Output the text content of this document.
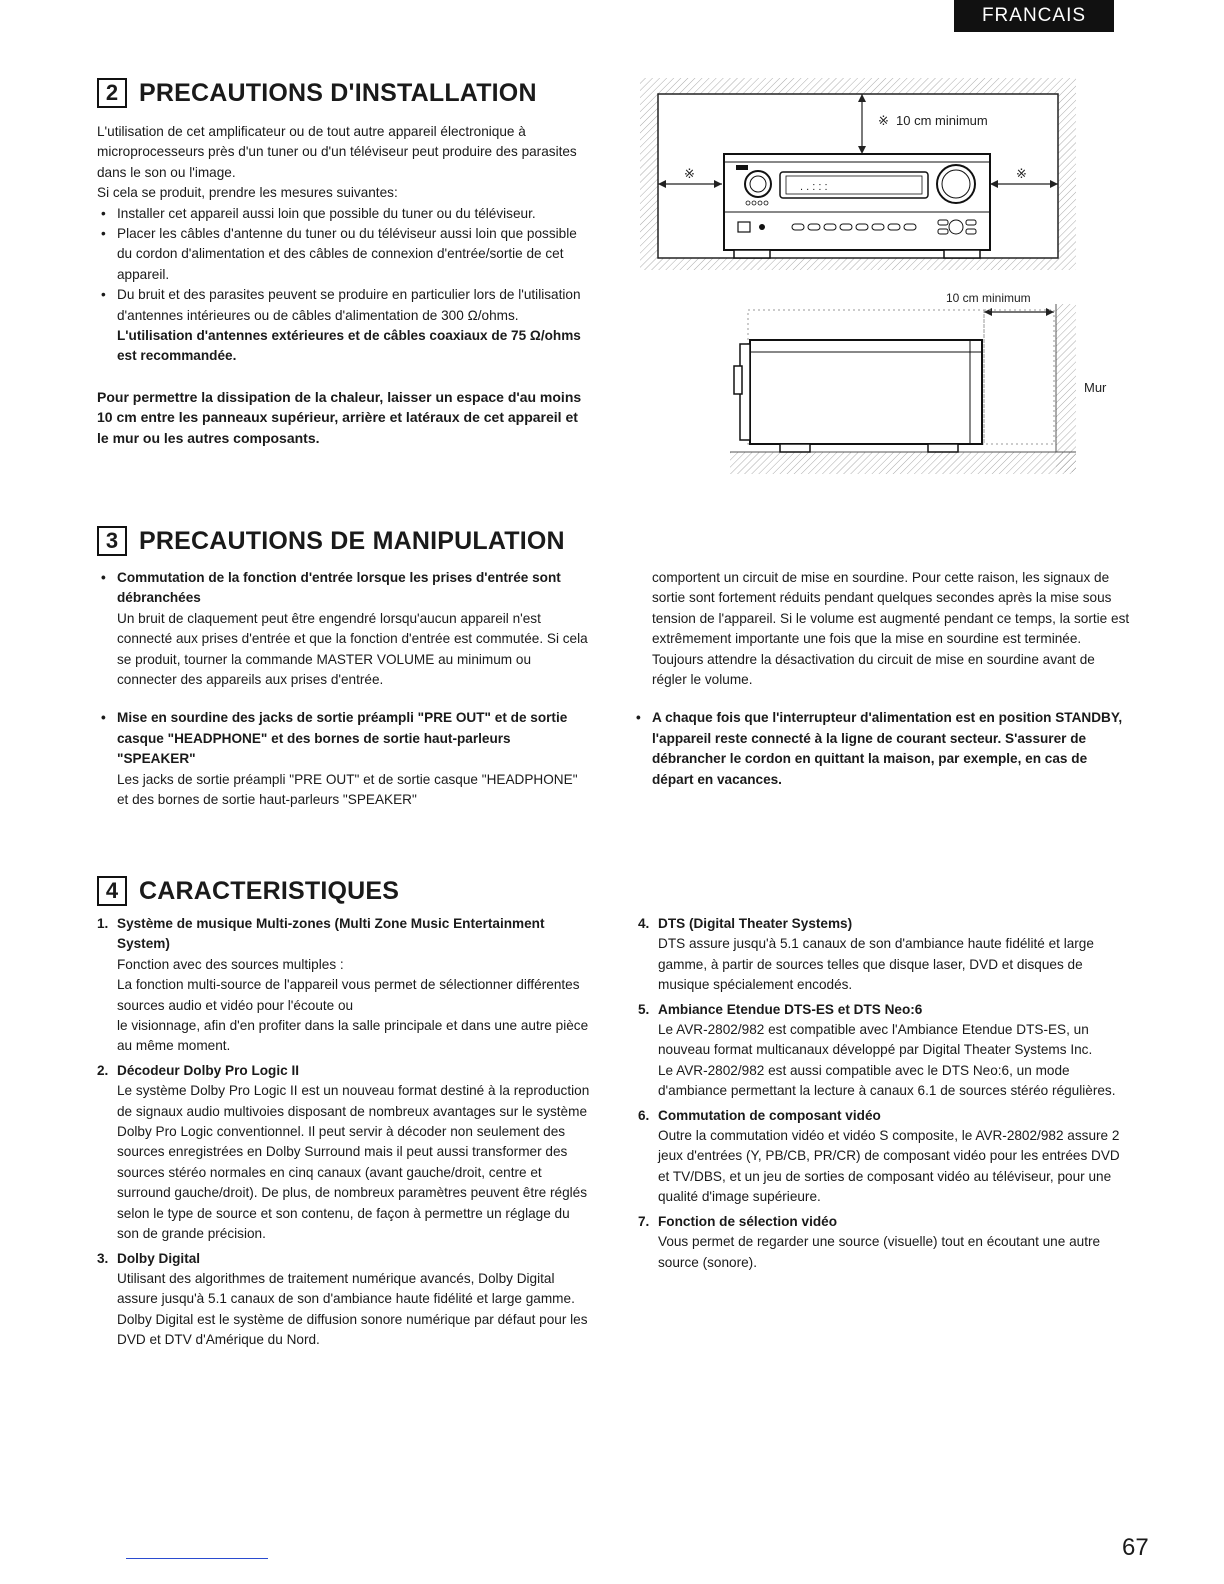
FRANCAIS
2 PRECAUTIONS D'INSTALLATION

L'utilisation de cet amplificateur ou de tout autre appareil électronique à microprocesseurs près d'un tuner ou d'un téléviseur peut produire des parasites dans le son ou l'image.

Si cela se produit, prendre les mesures suivantes:

• Installer cet appareil aussi loin que possible du tuner ou du téléviseur.

• Placer les câbles d'antenne du tuner ou du téléviseur aussi loin que possible du cordon d'alimentation et des câbles de connexion d'entrée/sortie de cet appareil.

• Du bruit et des parasites peuvent se produire en particulier lors de l'utilisation d'antennes intérieures ou de câbles d'alimentation de 300 Ω/ohms. L'utilisation d'antennes extérieures et de câbles coaxiaux de 75 Ω/ohms est recommandée.

Pour permettre la dissipation de la chaleur, laisser un espace d'au moins 10 cm entre les panneaux supérieur, arrière et latéraux de cet appareil et le mur ou les autres composants.

※ 10 cm minimum
※	※
. . : : :
10 cm minimum
Mur
3 PRECAUTIONS DE MANIPULATION

• Commutation de la fonction d'entrée lorsque les prises d'entrée sont débranchées

Un bruit de claquement peut être engendré lorsqu'aucun appareil n'est connecté aux prises d'entrée et que la fonction d'entrée est commutée. Si cela se produit, tourner la commande MASTER VOLUME au minimum ou connecter des appareils aux prises d'entrée.

• Mise en sourdine des jacks de sortie préampli "PRE OUT" et de sortie casque "HEADPHONE" et des bornes de sortie haut-parleurs "SPEAKER"

Les jacks de sortie préampli "PRE OUT" et de sortie casque "HEADPHONE" et des bornes de sortie haut-parleurs "SPEAKER"

comportent un circuit de mise en sourdine. Pour cette raison, les signaux de sortie sont fortement réduits pendant quelques secondes après la mise sous tension de l'appareil. Si le volume est augmenté pendant ce temps, la sortie est extrêmement importante une fois que la mise en sourdine est terminée. Toujours attendre la désactivation du circuit de mise en sourdine avant de régler le volume.

• A chaque fois que l'interrupteur d'alimentation est en position STANDBY, l'appareil reste connecté à la ligne de courant secteur. S'assurer de débrancher le cordon en quittant la maison, par exemple, en cas de départ en vacances.

4 CARACTERISTIQUES
1. Système de musique Multi-zones (Multi Zone Music Entertainment System)

Fonction avec des sources multiples :

La fonction multi-source de l'appareil vous permet de sélectionner différentes sources audio et vidéo pour l'écoute ou

le visionnage, afin d'en profiter dans la salle principale et dans une autre pièce au même moment.

2. Décodeur Dolby Pro Logic II

Le système Dolby Pro Logic II est un nouveau format destiné à la reproduction de signaux audio multivoies disposant de nombreux avantages sur le système Dolby Pro Logic conventionnel. Il peut servir à décoder non seulement des sources enregistrées en Dolby Surround mais il peut aussi transformer des sources stéréo normales en cinq canaux (avant gauche/droit, centre et surround gauche/droit). De plus, de nombreux paramètres peuvent être réglés selon le type de source et son contenu, de façon à permettre un réglage du son de grande précision.

3. Dolby Digital

Utilisant des algorithmes de traitement numérique avancés, Dolby Digital assure jusqu'à 5.1 canaux de son d'ambiance haute fidélité et large gamme. Dolby Digital est le système de diffusion sonore numérique par défaut pour les DVD et DTV d'Amérique du Nord.

4. DTS (Digital Theater Systems)

DTS assure jusqu'à 5.1 canaux de son d'ambiance haute fidélité et large gamme, à partir de sources telles que disque laser, DVD et disques de musique spécialement encodés.

5. Ambiance Etendue DTS-ES et DTS Neo:6

Le AVR-2802/982 est compatible avec l'Ambiance Etendue DTS-ES, un nouveau format multicanaux développé par Digital Theater Systems Inc.

Le AVR-2802/982 est aussi compatible avec le DTS Neo:6, un mode d'ambiance permettant la lecture à canaux 6.1 de sources stéréo régulières.

6. Commutation de composant vidéo

Outre la commutation vidéo et vidéo S composite, le AVR-2802/982 assure 2 jeux d'entrées (Y, PB/CB, PR/CR) de composant vidéo pour les entrées DVD et TV/DBS, et un jeu de sorties de composant vidéo au téléviseur, pour une qualité d'image supérieure.

7. Fonction de sélection vidéo

Vous permet de regarder une source (visuelle) tout en écoutant une autre source (sonore).

67
